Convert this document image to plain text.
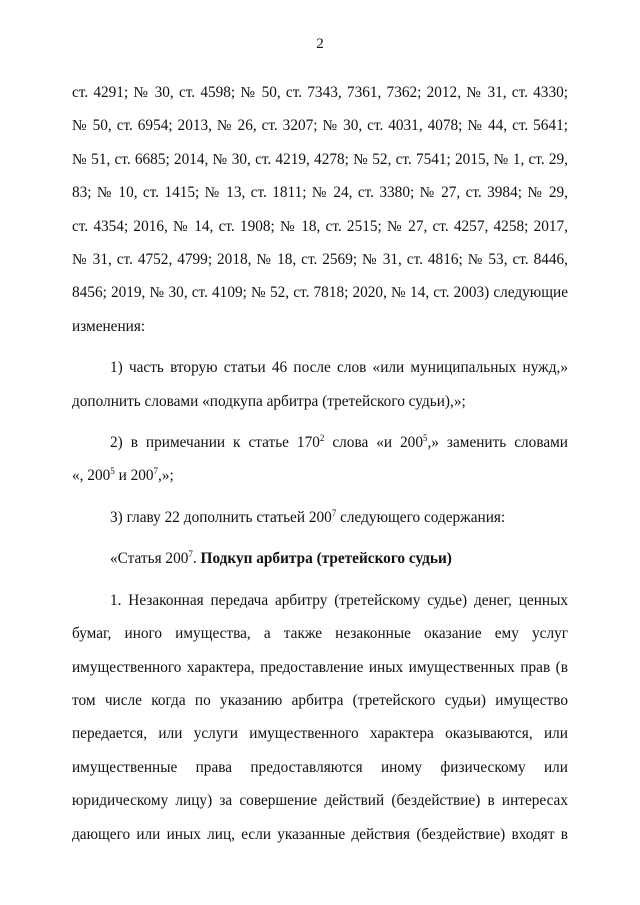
2

ст. 4291; № 30, ст. 4598; № 50, ст. 7343, 7361, 7362; 2012, № 31, ст. 4330;
№ 50, ст. 6954; 2013, № 26, ст. 3207; № 30, ст. 4031, 4078; № 44, ст. 5641;
№ 51, ст. 6685; 2014, № 30, ст. 4219, 4278; № 52, ст. 7541; 2015, № 1, ст. 29,
83; № 10, ст. 1415; № 13, ст. 1811; № 24, ст. 3380; № 27, ст. 3984; № 29,
ст. 4354; 2016, № 14, ст. 1908; № 18, ст. 2515; № 27, ст. 4257, 4258; 2017,
№ 31, ст. 4752, 4799; 2018, № 18, ст. 2569; № 31, ст. 4816; № 53, ст. 8446,
8456; 2019, № 30, ст. 4109; № 52, ст. 7818; 2020, № 14, ст. 2003) следующие

изменения:

1) часть вторую статьи 46 после слов «или муниципальных нужд,»
дополнить словами «подкупа арбитра (третейского судьи),»;

2) в примечании к статье $170^2$ слова «и $200^5$,» заменить словами
«, $200^5$ и $200^7$,»;

3) главу 22 дополнить статьей $200^7$ следующего содержания:

«Статья $200^7$. Подкуп арбитра (третейского судьи)

1. Незаконная передача арбитру (третейскому судье) денег, ценных
бумаг, иного имущества, а также незаконные оказание ему услуг
имущественного характера, предоставление иных имущественных прав (в
том числе когда по указанию арбитра (третейского судьи) имущество
передается, или услуги имущественного характера оказываются, или
имущественные права предоставляются иному физическому или
юридическому лицу) за совершение действий (бездействие) в интересах
дающего или иных лиц, если указанные действия (бездействие) входят в
